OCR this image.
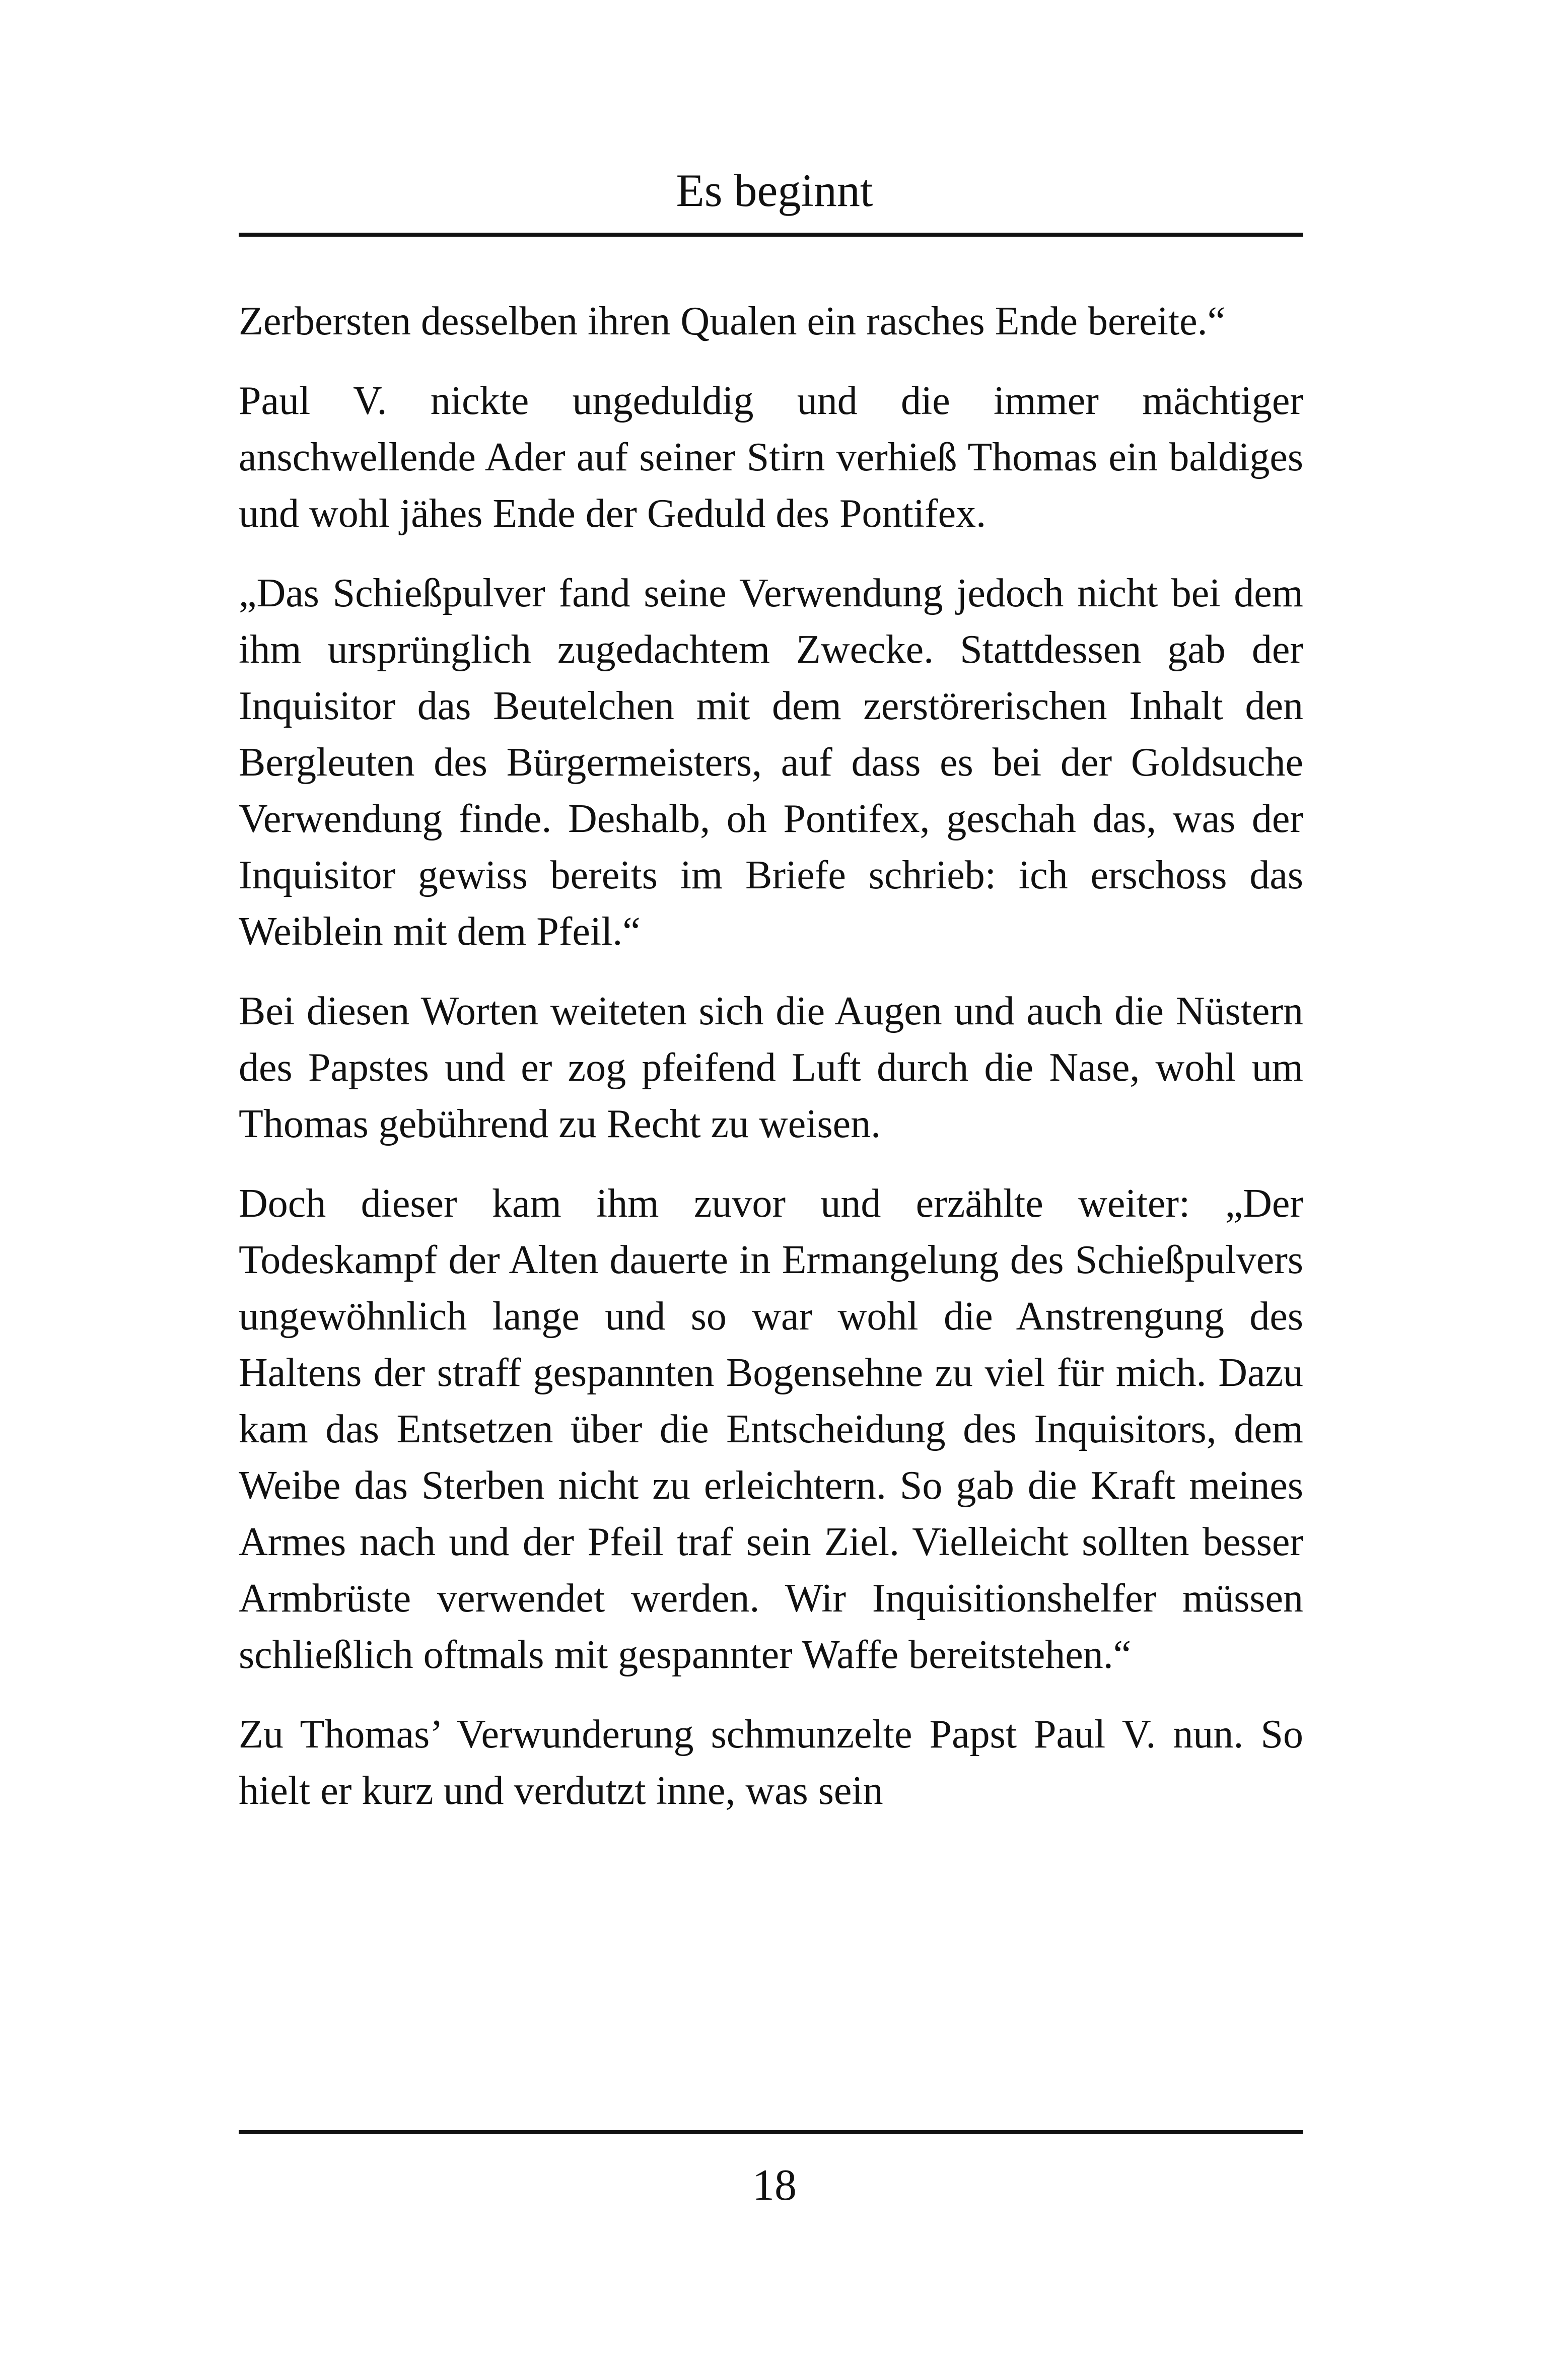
Es beginnt

Zerbersten desselben ihren Qualen ein rasches Ende bereite.“

Paul V. nickte ungeduldig und die immer mächtiger anschwellende Ader auf seiner Stirn verhieß Thomas ein baldiges und wohl jähes Ende der Geduld des Pontifex.

„Das Schießpulver fand seine Verwendung jedoch nicht bei dem ihm ursprünglich zugedachtem Zwecke. Stattdessen gab der Inquisitor das Beutelchen mit dem zerstörerischen Inhalt den Bergleuten des Bürgermeisters, auf dass es bei der Goldsuche Verwendung finde. Deshalb, oh Pontifex, geschah das, was der Inquisitor gewiss bereits im Briefe schrieb: ich erschoss das Weiblein mit dem Pfeil.“

Bei diesen Worten weiteten sich die Augen und auch die Nüstern des Papstes und er zog pfeifend Luft durch die Nase, wohl um Thomas gebührend zu Recht zu weisen.

Doch dieser kam ihm zuvor und erzählte weiter: „Der Todeskampf der Alten dauerte in Ermangelung des Schießpulvers ungewöhnlich lange und so war wohl die Anstrengung des Haltens der straff gespannten Bogensehne zu viel für mich. Dazu kam das Entsetzen über die Entscheidung des Inquisitors, dem Weibe das Sterben nicht zu erleichtern. So gab die Kraft meines Armes nach und der Pfeil traf sein Ziel. Vielleicht sollten besser Armbrüste verwendet werden. Wir Inquisitionshelfer müssen schließlich oftmals mit gespannter Waffe bereitstehen.“

Zu Thomas’ Verwunderung schmunzelte Papst Paul V. nun. So hielt er kurz und verdutzt inne, was sein

18
